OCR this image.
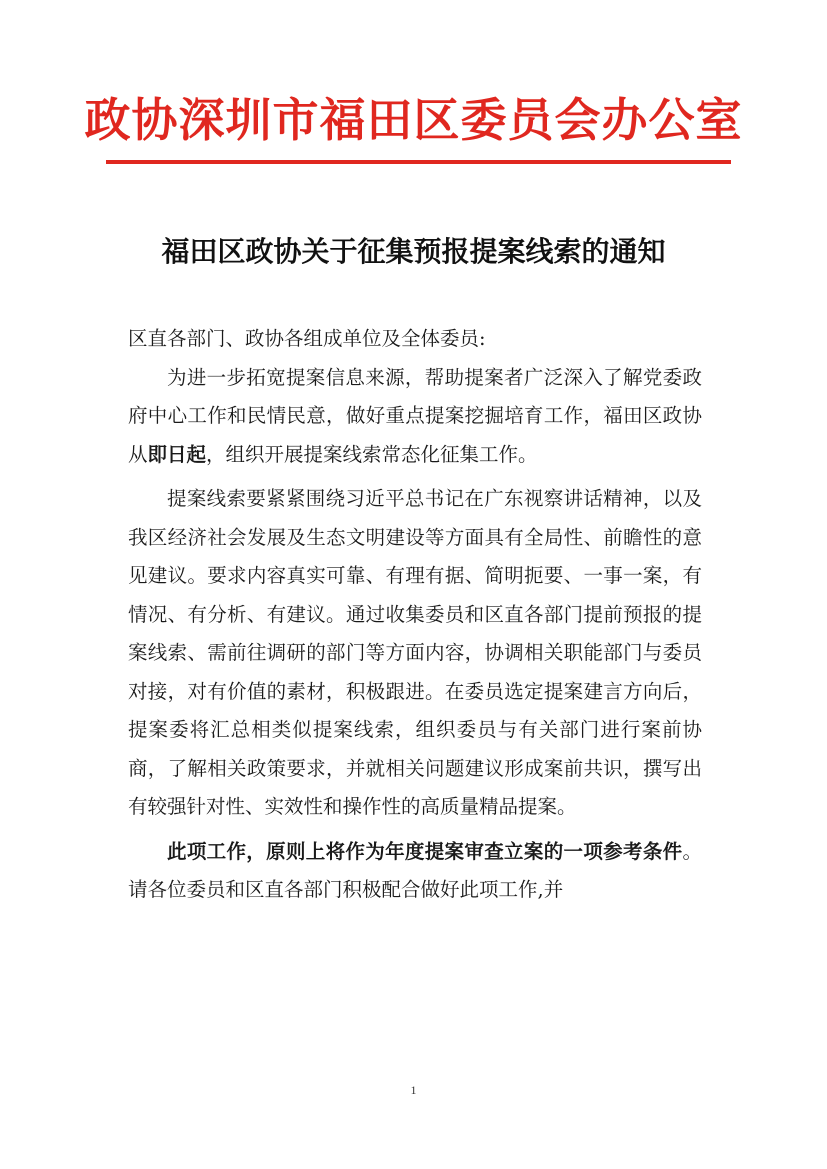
政协深圳市福田区委员会办公室
福田区政协关于征集预报提案线索的通知

区直各部门、政协各组成单位及全体委员:

为进一步拓宽提案信息来源，帮助提案者广泛深入了解党委政府中心工作和民情民意，做好重点提案挖掘培育工作，福田区政协从即日起，组织开展提案线索常态化征集工作。

提案线索要紧紧围绕习近平总书记在广东视察讲话精神，以及我区经济社会发展及生态文明建设等方面具有全局性、前瞻性的意见建议。要求内容真实可靠、有理有据、简明扼要、一事一案，有情况、有分析、有建议。通过收集委员和区直各部门提前预报的提案线索、需前往调研的部门等方面内容，协调相关职能部门与委员对接，对有价值的素材，积极跟进。在委员选定提案建言方向后，提案委将汇总相类似提案线索，组织委员与有关部门进行案前协商，了解相关政策要求，并就相关问题建议形成案前共识，撰写出有较强针对性、实效性和操作性的高质量精品提案。

此项工作，原则上将作为年度提案审查立案的一项参考条件。请各位委员和区直各部门积极配合做好此项工作,并

1
